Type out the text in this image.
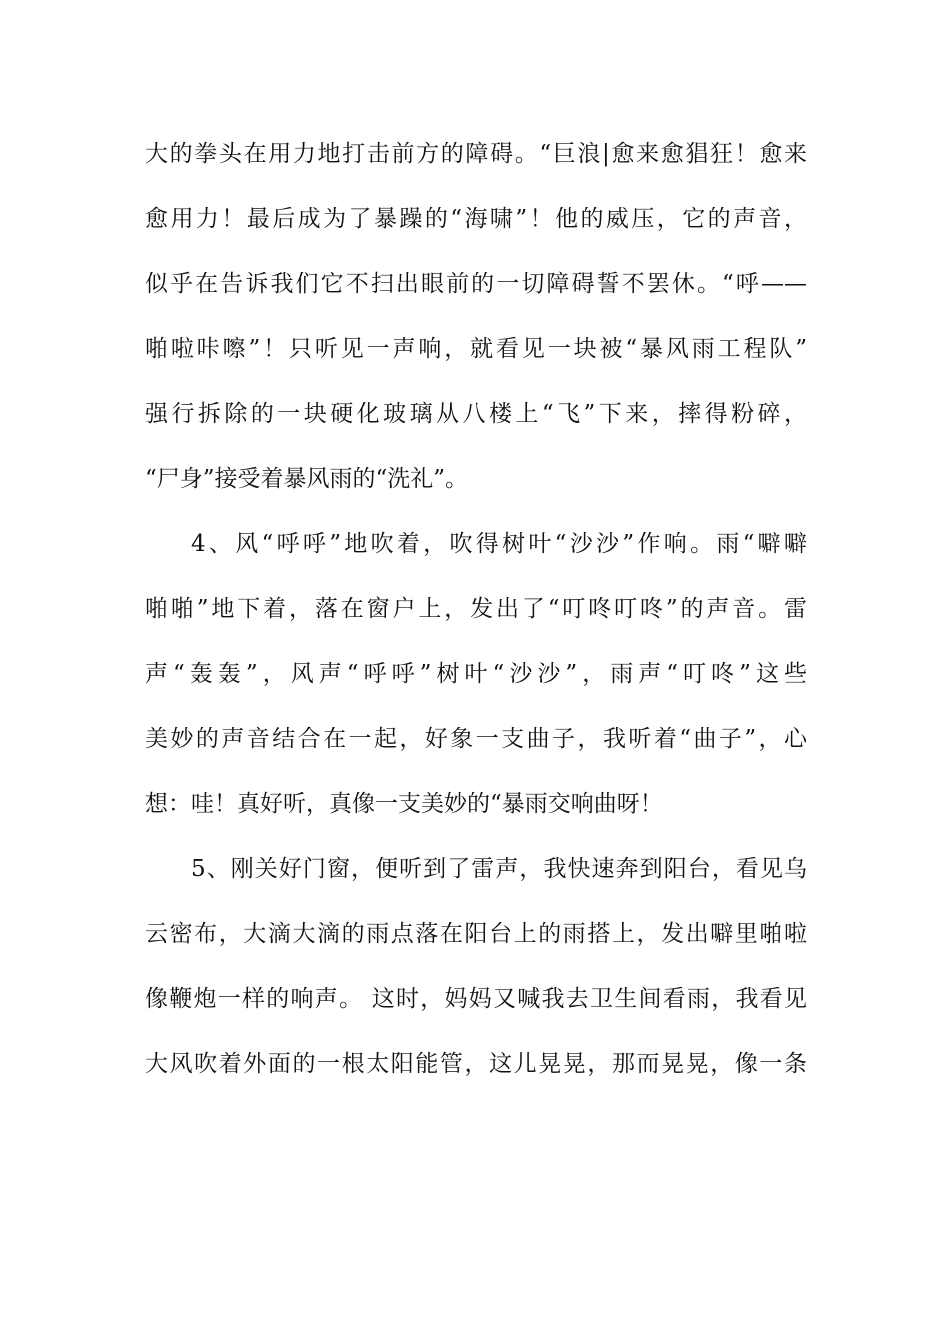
大的拳头在用力地打击前方的障碍。“巨浪|愈来愈猖狂！愈来
愈用力！最后成为了暴躁的“海啸”！他的威压，它的声音，
似乎在告诉我们它不扫出眼前的一切障碍誓不罢休。“呼——
啪啦咔嚓”！只听见一声响，就看见一块被“暴风雨工程队”
强行拆除的一块硬化玻璃从八楼上“飞”下来，摔得粉碎，
“尸身”接受着暴风雨的“洗礼”。
4、风“呼呼”地吹着，吹得树叶“沙沙”作响。雨“噼噼
啪啪”地下着，落在窗户上，发出了“叮咚叮咚”的声音。雷
声“轰轰”，风声“呼呼”树叶“沙沙”，雨声“叮咚”这些
美妙的声音结合在一起，好象一支曲子，我听着“曲子”，心
想：哇！真好听，真像一支美妙的“暴雨交响曲呀！
5、刚关好门窗，便听到了雷声，我快速奔到阳台，看见乌
云密布，大滴大滴的雨点落在阳台上的雨搭上，发出噼里啪啦
像鞭炮一样的响声。 这时，妈妈又喊我去卫生间看雨，我看见
大风吹着外面的一根太阳能管，这儿晃晃，那而晃晃，像一条
